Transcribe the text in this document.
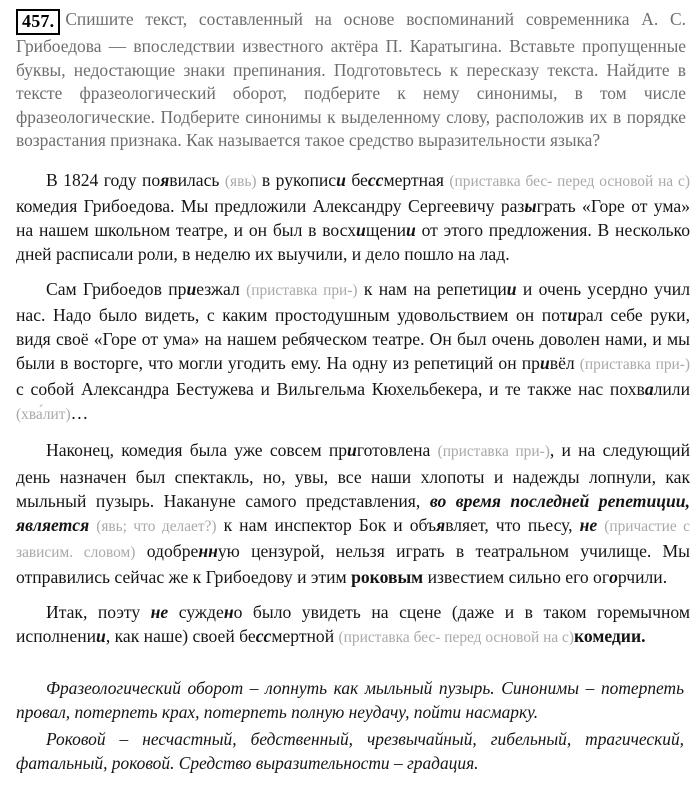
457. Спишите текст, составленный на основе воспоминаний современника А. С. Грибоедова — впоследствии известного актёра П. Каратыгина. Вставьте пропущенные буквы, недостающие знаки препинания. Подготовьтесь к пересказу текста. Найдите в тексте фразеологический оборот, подберите к нему синонимы, в том числе фразеологические. Подберите синонимы к выделенному слову, расположив их в порядке возрастания признака. Как называется такое средство выразительности языка?

В 1824 году появилась (явь) в рукописи бессмертная (приставка бес- перед основой на с) комедия Грибоедова. Мы предложили Александру Сергеевичу разыграть «Горе от ума» на нашем школьном театре, и он был в восхищении от этого предложения. В несколько дней расписали роли, в неделю их выучили, и дело пошло на лад.

Сам Грибоедов приезжал (приставка при-) к нам на репетиции и очень усердно учил нас. Надо было видеть, с каким простодушным удовольствием он потирал себе руки, видя своё «Горе от ума» на нашем ребяческом театре. Он был очень доволен нами, и мы были в восторге, что могли угодить ему. На одну из репетиций он привёл (приставка при-) с собой Александра Бестужева и Вильгельма Кюхельбекера, и те также нас похвалили (хва́лит)…

Наконец, комедия была уже совсем приготовлена (приставка при-), и на следующий день назначен был спектакль, но, увы, все наши хлопоты и надежды лопнули, как мыльный пузырь. Накануне самого представления, во время последней репетиции, является (явь; что делает?) к нам инспектор Бок и объявляет, что пьесу, не (причастие с зависим. словом) одобренную цензурой, нельзя играть в театральном училище. Мы отправились сейчас же к Грибоедову и этим роковым известием сильно его огорчили.

Итак, поэту не суждено было увидеть на сцене (даже и в таком горемычном исполнении, как наше) своей бессмертной (приставка бес- перед основой на с)комедии.

Фразеологический оборот – лопнуть как мыльный пузырь. Синонимы – потерпеть провал, потерпеть крах, потерпеть полную неудачу, пойти насмарку.

Роковой – несчастный, бедственный, чрезвычайный, гибельный, трагический, фатальный, роковой. Средство выразительности – градация.
